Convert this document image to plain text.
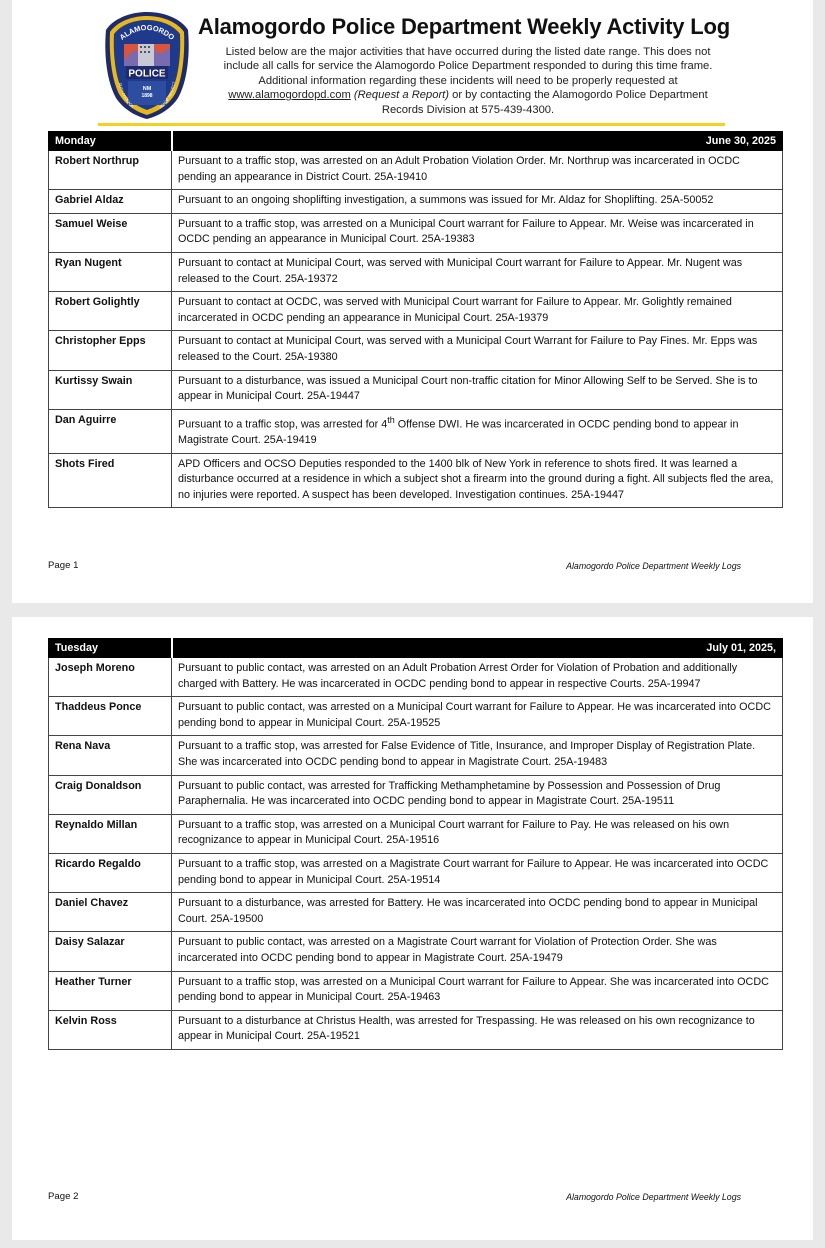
POLICE
NM
1898
ALAMOGORDO
DUTY COURAGE	HONOR RESPECT
Alamogordo Police Department Weekly Activity Log
Listed below are the major activities that have occurred during the listed date range. This does not
include all calls for service the Alamogordo Police Department responded to during this time frame.
Additional information regarding these incidents will need to be properly requested at
www.alamogordopd.com (Request a Report) or by contacting the Alamogordo Police Department
Records Division at 575-439-4300.
Monday	June 30, 2025
Robert Northrup	Pursuant to a traffic stop, was arrested on an Adult Probation Violation Order. Mr. Northrup was incarcerated in OCDC pending an appearance in District Court. 25A-19410
Gabriel Aldaz	Pursuant to an ongoing shoplifting investigation, a summons was issued for Mr. Aldaz for Shoplifting. 25A-50052
Samuel Weise	Pursuant to a traffic stop, was arrested on a Municipal Court warrant for Failure to Appear. Mr. Weise was incarcerated in OCDC pending an appearance in Municipal Court. 25A-19383
Ryan Nugent	Pursuant to contact at Municipal Court, was served with Municipal Court warrant for Failure to Appear. Mr. Nugent was released to the Court. 25A-19372
Robert Golightly	Pursuant to contact at OCDC, was served with Municipal Court warrant for Failure to Appear. Mr. Golightly remained incarcerated in OCDC pending an appearance in Municipal Court. 25A-19379
Christopher Epps	Pursuant to contact at Municipal Court, was served with a Municipal Court Warrant for Failure to Pay Fines. Mr. Epps was released to the Court. 25A-19380
Kurtissy Swain	Pursuant to a disturbance, was issued a Municipal Court non-traffic citation for Minor Allowing Self to be Served. She is to appear in Municipal Court. 25A-19447
Dan Aguirre	Pursuant to a traffic stop, was arrested for 4th Offense DWI. He was incarcerated in OCDC pending bond to appear in Magistrate Court. 25A-19419
Shots Fired	APD Officers and OCSO Deputies responded to the 1400 blk of New York in reference to shots fired. It was learned a disturbance occurred at a residence in which a subject shot a firearm into the ground during a fight. All subjects fled the area, no injuries were reported. A suspect has been developed. Investigation continues. 25A-19447
Page 1	Alamogordo Police Department Weekly Logs
Tuesday	July 01, 2025,
Joseph Moreno	Pursuant to public contact, was arrested on an Adult Probation Arrest Order for Violation of Probation and additionally charged with Battery. He was incarcerated in OCDC pending bond to appear in respective Courts. 25A-19947
Thaddeus Ponce	Pursuant to public contact, was arrested on a Municipal Court warrant for Failure to Appear. He was incarcerated into OCDC pending bond to appear in Municipal Court. 25A-19525
Rena Nava	Pursuant to a traffic stop, was arrested for False Evidence of Title, Insurance, and Improper Display of Registration Plate. She was incarcerated into OCDC pending bond to appear in Magistrate Court. 25A-19483
Craig Donaldson	Pursuant to public contact, was arrested for Trafficking Methamphetamine by Possession and Possession of Drug Paraphernalia. He was incarcerated into OCDC pending bond to appear in Magistrate Court. 25A-19511
Reynaldo Millan	Pursuant to a traffic stop, was arrested on a Municipal Court warrant for Failure to Pay. He was released on his own recognizance to appear in Municipal Court. 25A-19516
Ricardo Regaldo	Pursuant to a traffic stop, was arrested on a Magistrate Court warrant for Failure to Appear. He was incarcerated into OCDC pending bond to appear in Municipal Court. 25A-19514
Daniel Chavez	Pursuant to a disturbance, was arrested for Battery. He was incarcerated into OCDC pending bond to appear in Municipal Court. 25A-19500
Daisy Salazar	Pursuant to public contact, was arrested on a Magistrate Court warrant for Violation of Protection Order. She was incarcerated into OCDC pending bond to appear in Magistrate Court. 25A-19479
Heather Turner	Pursuant to a traffic stop, was arrested on a Municipal Court warrant for Failure to Appear. She was incarcerated into OCDC pending bond to appear in Municipal Court. 25A-19463
Kelvin Ross	Pursuant to a disturbance at Christus Health, was arrested for Trespassing. He was released on his own recognizance to appear in Municipal Court. 25A-19521
Page 2	Alamogordo Police Department Weekly Logs
